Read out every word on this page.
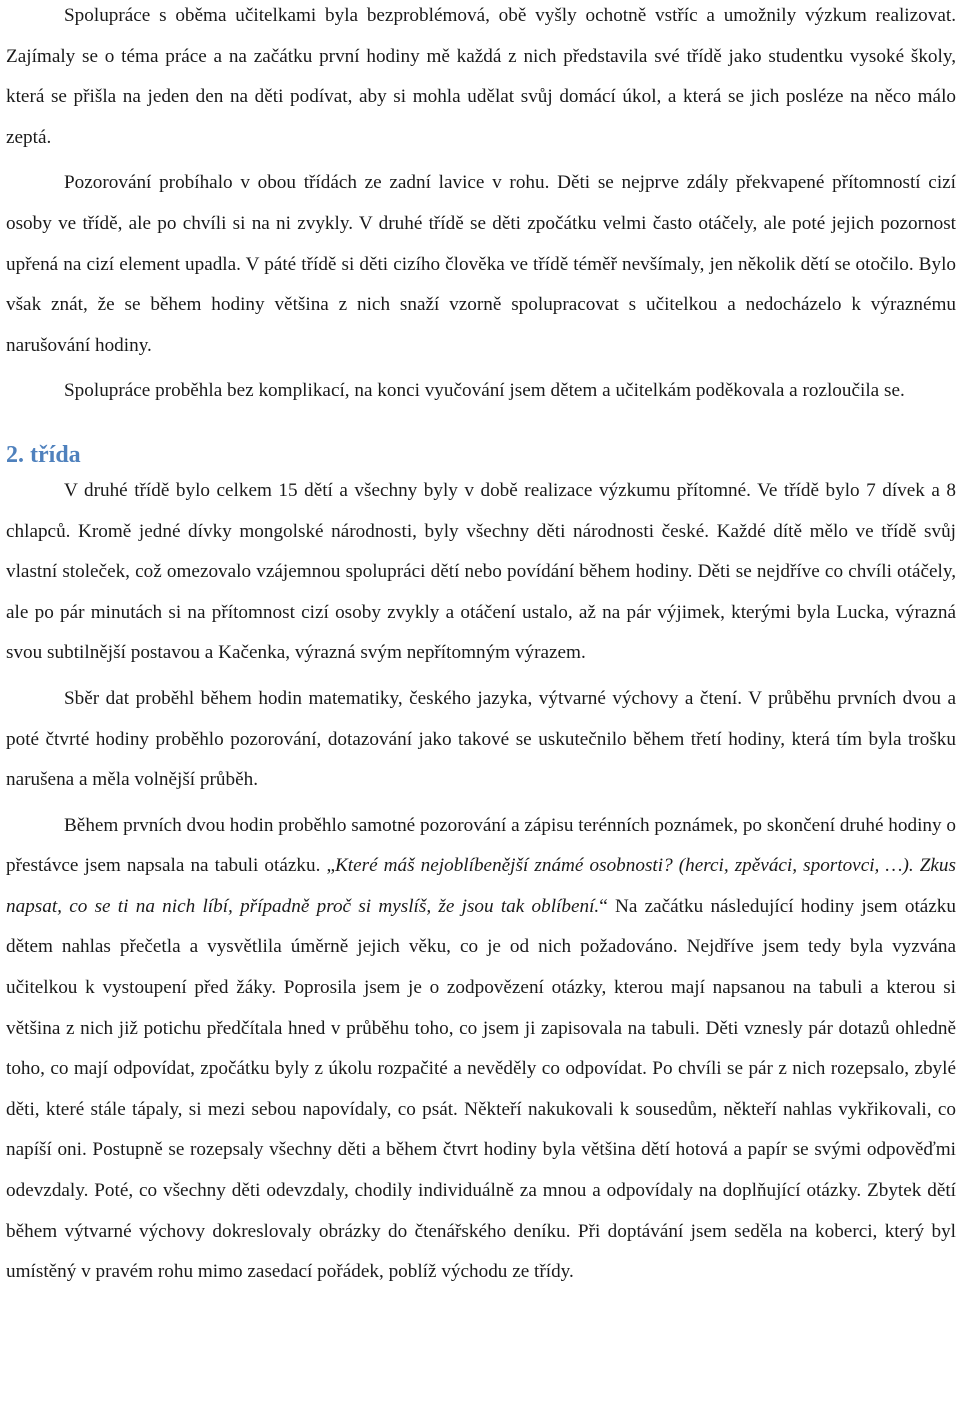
Spolupráce s oběma učitelkami byla bezproblémová, obě vyšly ochotně vstříc a umožnily výzkum realizovat. Zajímaly se o téma práce a na začátku první hodiny mě každá z nich představila své třídě jako studentku vysoké školy, která se přišla na jeden den na děti podívat, aby si mohla udělat svůj domácí úkol, a která se jich posléze na něco málo zeptá.

Pozorování probíhalo v obou třídách ze zadní lavice v rohu. Děti se nejprve zdály překvapené přítomností cizí osoby ve třídě, ale po chvíli si na ni zvykly. V druhé třídě se děti zpočátku velmi často otáčely, ale poté jejich pozornost upřená na cizí element upadla. V páté třídě si děti cizího člověka ve třídě téměř nevšímaly, jen několik dětí se otočilo. Bylo však znát, že se během hodiny většina z nich snaží vzorně spolupracovat s učitelkou a nedocházelo k výraznému narušování hodiny.

Spolupráce proběhla bez komplikací, na konci vyučování jsem dětem a učitelkám poděkovala a rozloučila se.

2. třída

V druhé třídě bylo celkem 15 dětí a všechny byly v době realizace výzkumu přítomné. Ve třídě bylo 7 dívek a 8 chlapců. Kromě jedné dívky mongolské národnosti, byly všechny děti národnosti české. Každé dítě mělo ve třídě svůj vlastní stoleček, což omezovalo vzájemnou spolupráci dětí nebo povídání během hodiny. Děti se nejdříve co chvíli otáčely, ale po pár minutách si na přítomnost cizí osoby zvykly a otáčení ustalo, až na pár výjimek, kterými byla Lucka, výrazná svou subtilnější postavou a Kačenka, výrazná svým nepřítomným výrazem.

Sběr dat proběhl během hodin matematiky, českého jazyka, výtvarné výchovy a čtení. V průběhu prvních dvou a poté čtvrté hodiny proběhlo pozorování, dotazování jako takové se uskutečnilo během třetí hodiny, která tím byla trošku narušena a měla volnější průběh.

Během prvních dvou hodin proběhlo samotné pozorování a zápisu terénních poznámek, po skončení druhé hodiny o přestávce jsem napsala na tabuli otázku. „Které máš nejoblíbenější známé osobnosti? (herci, zpěváci, sportovci, …). Zkus napsat, co se ti na nich líbí, případně proč si myslíš, že jsou tak oblíbení.“ Na začátku následující hodiny jsem otázku dětem nahlas přečetla a vysvětlila úměrně jejich věku, co je od nich požadováno. Nejdříve jsem tedy byla vyzvána učitelkou k vystoupení před žáky. Poprosila jsem je o zodpovězení otázky, kterou mají napsanou na tabuli a kterou si většina z nich již potichu předčítala hned v průběhu toho, co jsem ji zapisovala na tabuli. Děti vznesly pár dotazů ohledně toho, co mají odpovídat, zpočátku byly z úkolu rozpačité a nevěděly co odpovídat. Po chvíli se pár z nich rozepsalo, zbylé děti, které stále tápaly, si mezi sebou napovídaly, co psát. Někteří nakukovali k sousedům, někteří nahlas vykřikovali, co napíší oni. Postupně se rozepsaly všechny děti a během čtvrt hodiny byla většina dětí hotová a papír se svými odpověďmi odevzdaly. Poté, co všechny děti odevzdaly, chodily individuálně za mnou a odpovídaly na doplňující otázky. Zbytek dětí během výtvarné výchovy dokreslovaly obrázky do čtenářského deníku. Při doptávání jsem seděla na koberci, který byl umístěný v pravém rohu mimo zasedací pořádek, poblíž východu ze třídy.
